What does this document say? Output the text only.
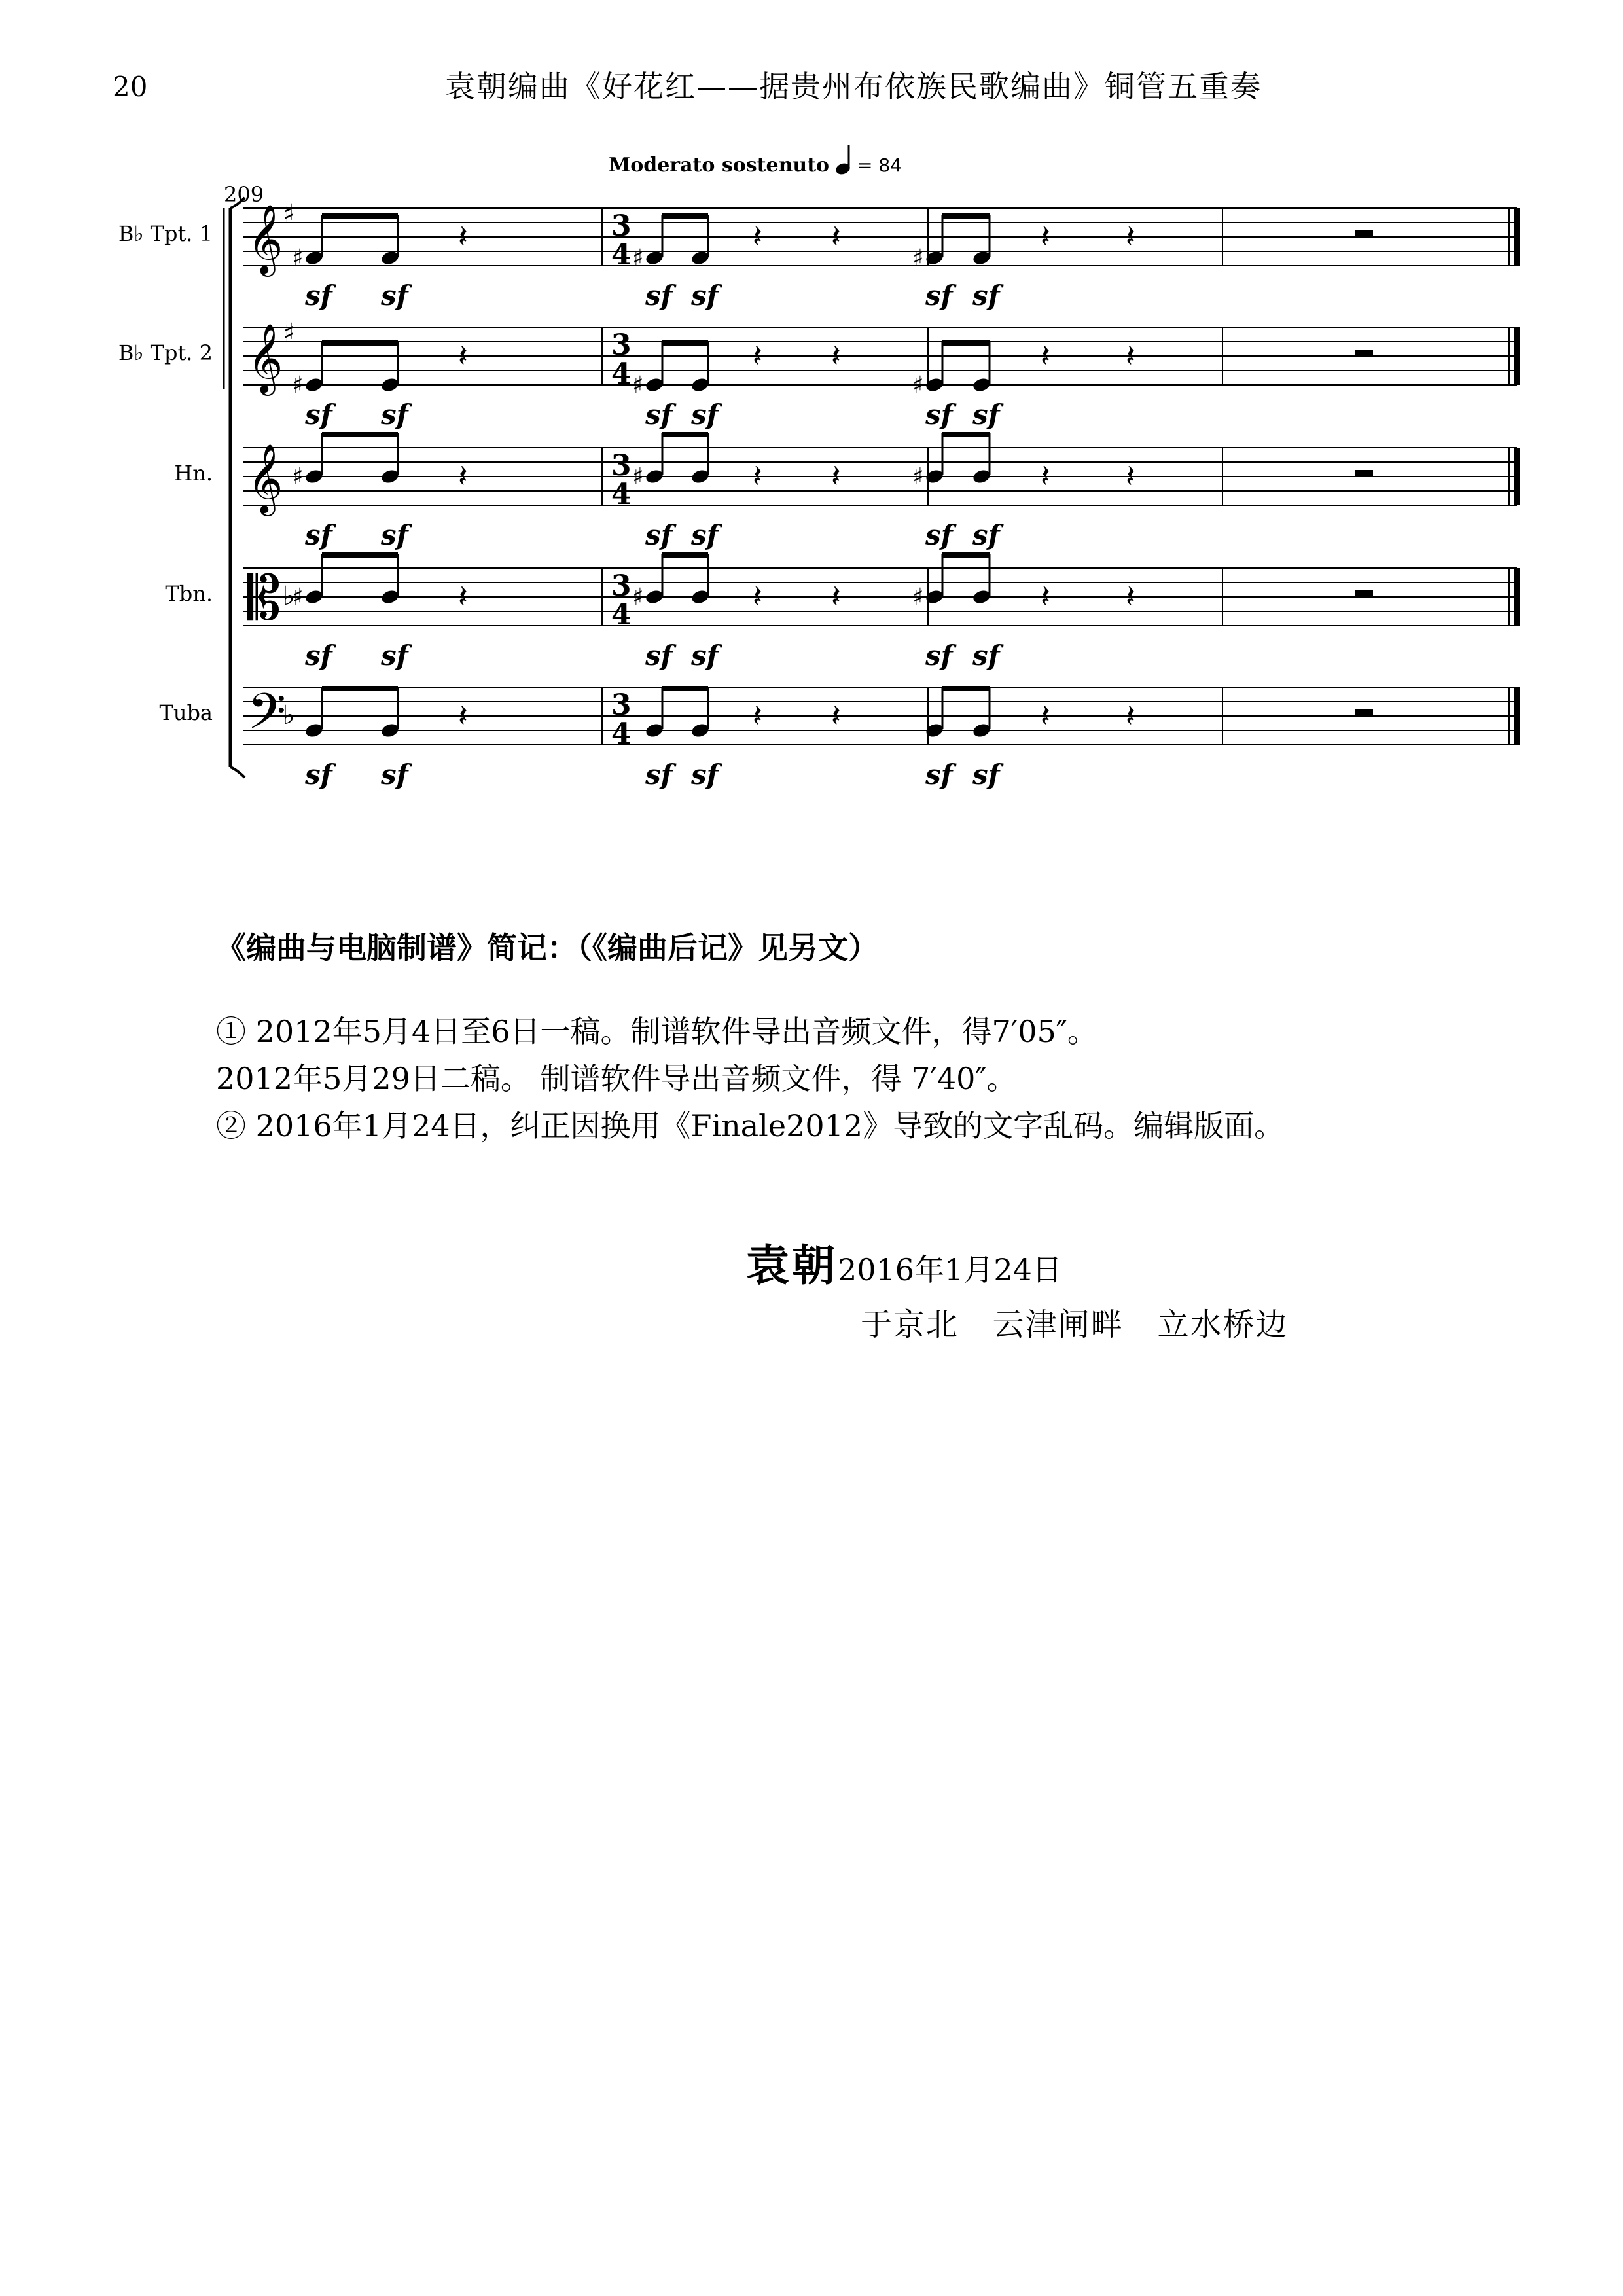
20	袁朝编曲《好花红——据贵州布依族民歌编曲》铜管五重奏
Moderato sostenuto = 84
209
B♭ Tpt. 1 𝄞 ♯	3
4
♯
sf sf
♯
sf sf
♯
sf sf
𝄽	𝄽 𝄽	𝄽 𝄽
B♭ Tpt. 2 𝄞 ♯	3
4
♯
sf sf
♯
sf sf
♯
sf sf
𝄽	𝄽 𝄽	𝄽 𝄽
Hn. 𝄞	3
4
♯
sf sf
♯
sf sf
♯
sf sf
𝄽	𝄽 𝄽	𝄽 𝄽
Tbn. 𝄡 ♭	3
4
♯
sf sf
♯
sf sf
♯
sf sf
𝄽	𝄽 𝄽	𝄽 𝄽
Tuba 𝄢
♭	3
4
sf sf	sf sf	sf sf
𝄽	𝄽 𝄽	𝄽 𝄽
《编曲与电脑制谱》简记：（《编曲后记》见另文）
① 2012年5月4日至6日一稿。制谱软件导出音频文件，得7′05″。
2012年5月29日二稿。 制谱软件导出音频文件，得 7′40″。
② 2016年1月24日，纠正因换用《Finale2012》导致的文字乱码。编辑版面。
袁朝2016年1月24日
于京北   云津闸畔   立水桥边
